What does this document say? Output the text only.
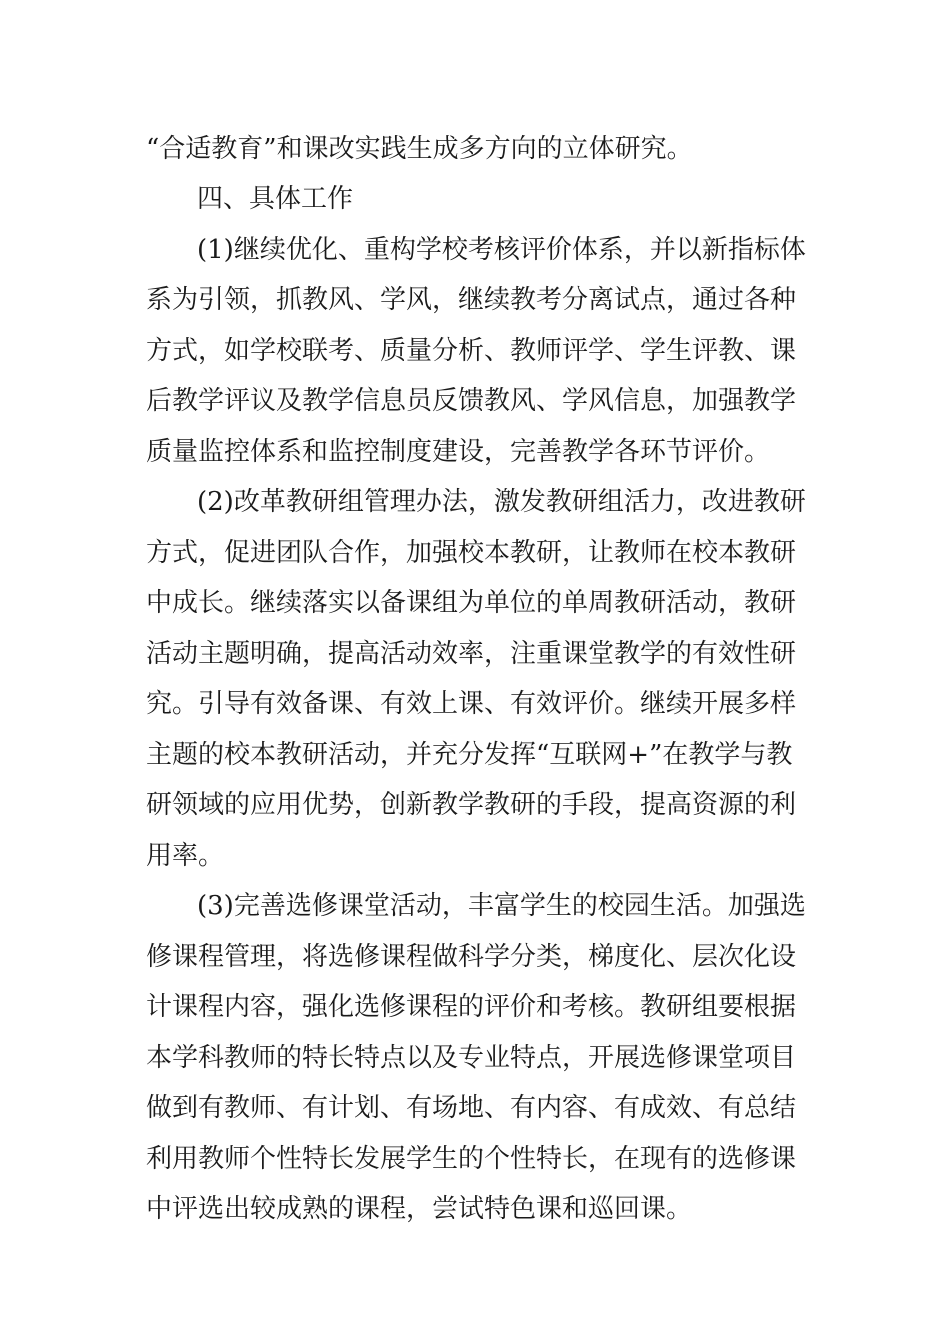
“合适教育”和课改实践生成多方向的立体研究。
四、具体工作
(1)继续优化、重构学校考核评价体系，并以新指标体
系为引领，抓教风、学风，继续教考分离试点，通过各种
方式，如学校联考、质量分析、教师评学、学生评教、课
后教学评议及教学信息员反馈教风、学风信息，加强教学
质量监控体系和监控制度建设，完善教学各环节评价。
(2)改革教研组管理办法，激发教研组活力，改进教研
方式，促进团队合作，加强校本教研，让教师在校本教研
中成长。继续落实以备课组为单位的单周教研活动，教研
活动主题明确，提高活动效率，注重课堂教学的有效性研
究。引导有效备课、有效上课、有效评价。继续开展多样
主题的校本教研活动，并充分发挥“互联网+”在教学与教
研领域的应用优势，创新教学教研的手段，提高资源的利
用率。
(3)完善选修课堂活动，丰富学生的校园生活。加强选
修课程管理，将选修课程做科学分类，梯度化、层次化设
计课程内容，强化选修课程的评价和考核。教研组要根据
本学科教师的特长特点以及专业特点，开展选修课堂项目
做到有教师、有计划、有场地、有内容、有成效、有总结
利用教师个性特长发展学生的个性特长，在现有的选修课
中评选出较成熟的课程，尝试特色课和巡回课。
